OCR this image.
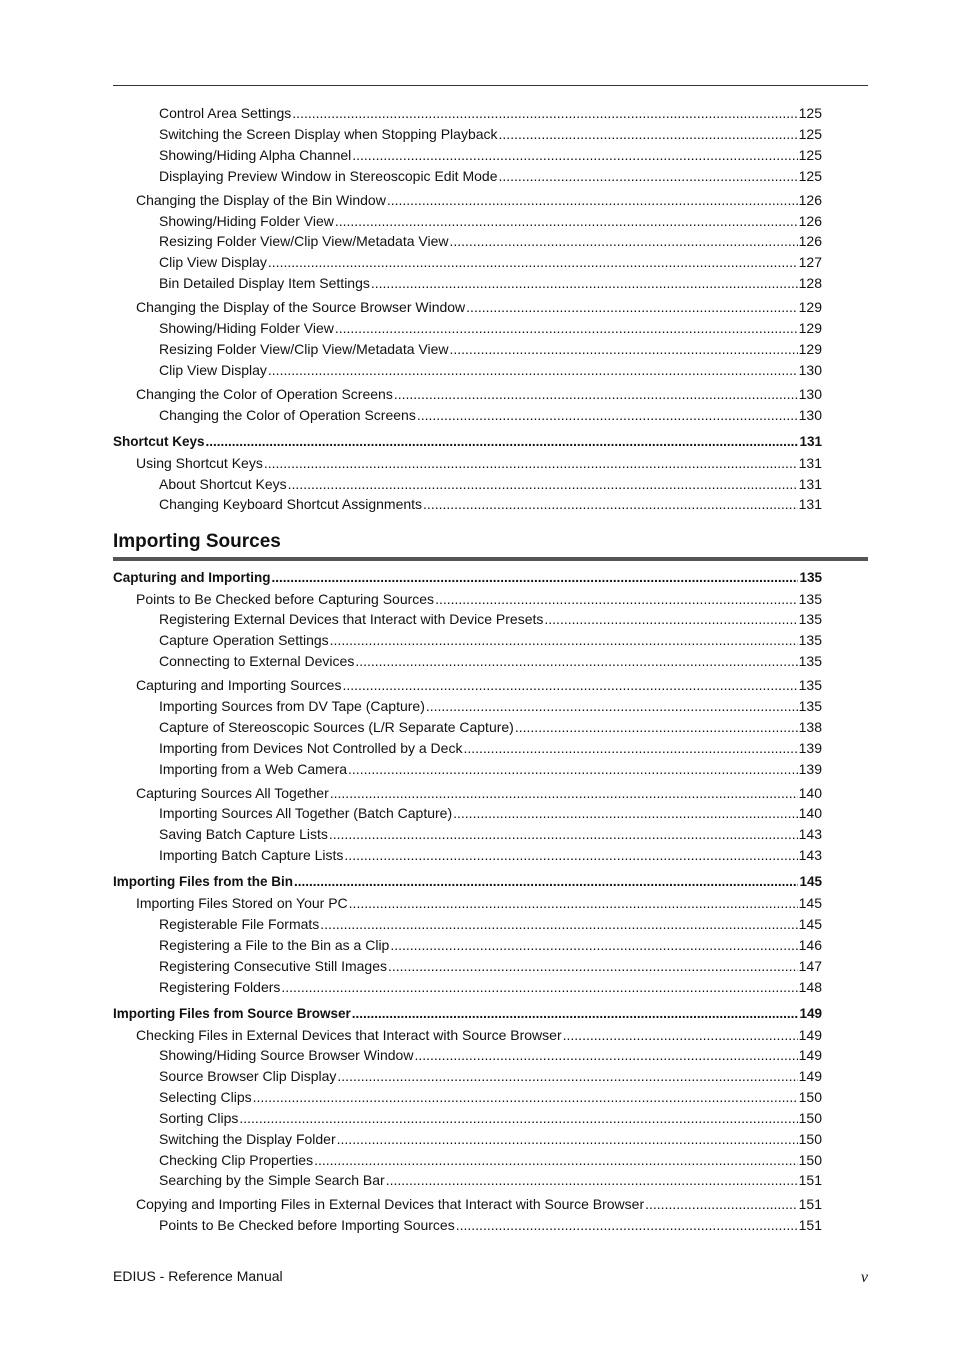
Control Area Settings .....	125
Switching the Screen Display when Stopping Playback .....	125
Showing/Hiding Alpha Channel .....	125
Displaying Preview Window in Stereoscopic Edit Mode .....	125
Changing the Display of the Bin Window .....	126
Showing/Hiding Folder View .....	126
Resizing Folder View/Clip View/Metadata View .....	126
Clip View Display .....	127
Bin Detailed Display Item Settings .....	128
Changing the Display of the Source Browser Window .....	129
Showing/Hiding Folder View .....	129
Resizing Folder View/Clip View/Metadata View .....	129
Clip View Display .....	130
Changing the Color of Operation Screens .....	130
Changing the Color of Operation Screens .....	130
Shortcut Keys .....	131
Using Shortcut Keys .....	131
About Shortcut Keys .....	131
Changing Keyboard Shortcut Assignments .....	131
Capturing and Importing .....	135
Points to Be Checked before Capturing Sources .....	135
Registering External Devices that Interact with Device Presets .....	135
Capture Operation Settings .....	135
Connecting to External Devices .....	135
Capturing and Importing Sources .....	135
Importing Sources from DV Tape (Capture) .....	135
Capture of Stereoscopic Sources (L/R Separate Capture) .....	138
Importing from Devices Not Controlled by a Deck .....	139
Importing from a Web Camera .....	139
Capturing Sources All Together .....	140
Importing Sources All Together (Batch Capture) .....	140
Saving Batch Capture Lists .....	143
Importing Batch Capture Lists .....	143
Importing Files from the Bin .....	145
Importing Files Stored on Your PC .....	145
Registerable File Formats .....	145
Registering a File to the Bin as a Clip .....	146
Registering Consecutive Still Images .....	147
Registering Folders .....	148
Importing Files from Source Browser .....	149
Checking Files in External Devices that Interact with Source Browser .....	149
Showing/Hiding Source Browser Window .....	149
Source Browser Clip Display .....	149
Selecting Clips .....	150
Sorting Clips .....	150
Switching the Display Folder .....	150
Checking Clip Properties .....	150
Searching by the Simple Search Bar .....	151
Copying and Importing Files in External Devices that Interact with Source Browser .....	151
Points to Be Checked before Importing Sources .....	151
Importing Sources
EDIUS - Reference Manual	v
